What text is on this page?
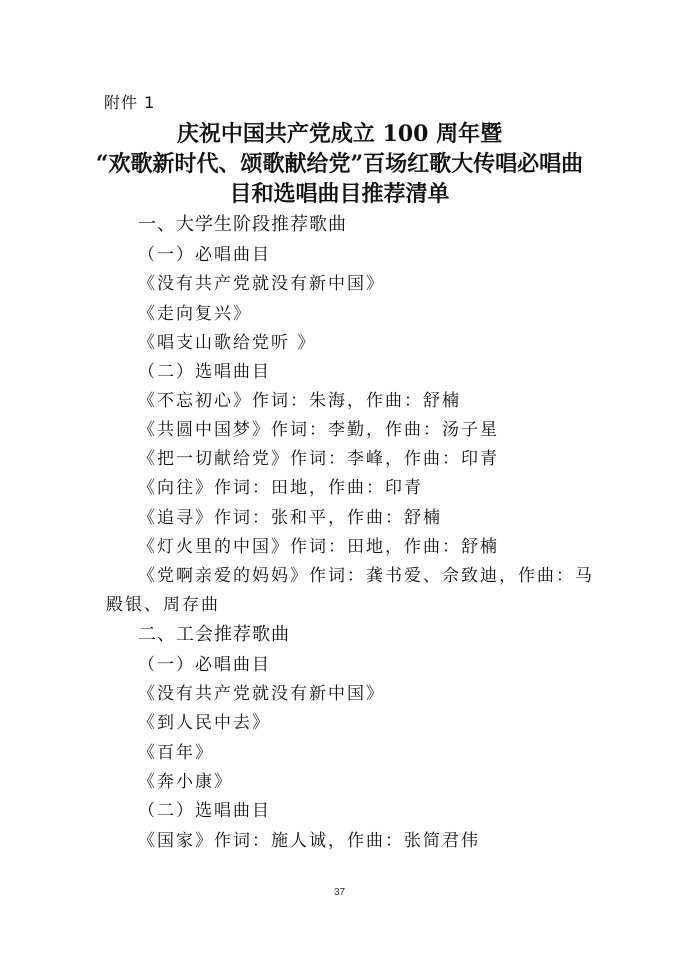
附件 1
庆祝中国共产党成立 100 周年暨
“欢歌新时代、颂歌献给党”百场红歌大传唱必唱曲
目和选唱曲目推荐清单
一、大学生阶段推荐歌曲
（一）必唱曲目
《没有共产党就没有新中国》
《走向复兴》
《唱支山歌给党听 》
（二）选唱曲目
《不忘初心》作词：朱海，作曲：舒楠
《共圆中国梦》作词：李勤，作曲：汤子星
《把一切献给党》作词：李峰，作曲：印青
《向往》作词：田地，作曲：印青
《追寻》作词：张和平，作曲：舒楠
《灯火里的中国》作词：田地，作曲：舒楠
《党啊亲爱的妈妈》作词：龚书爱、佘致迪，作曲：马
殿银、周存曲
二、工会推荐歌曲
（一）必唱曲目
《没有共产党就没有新中国》
《到人民中去》
《百年》
《奔小康》
（二）选唱曲目
《国家》作词：施人诚，作曲：张简君伟
37
